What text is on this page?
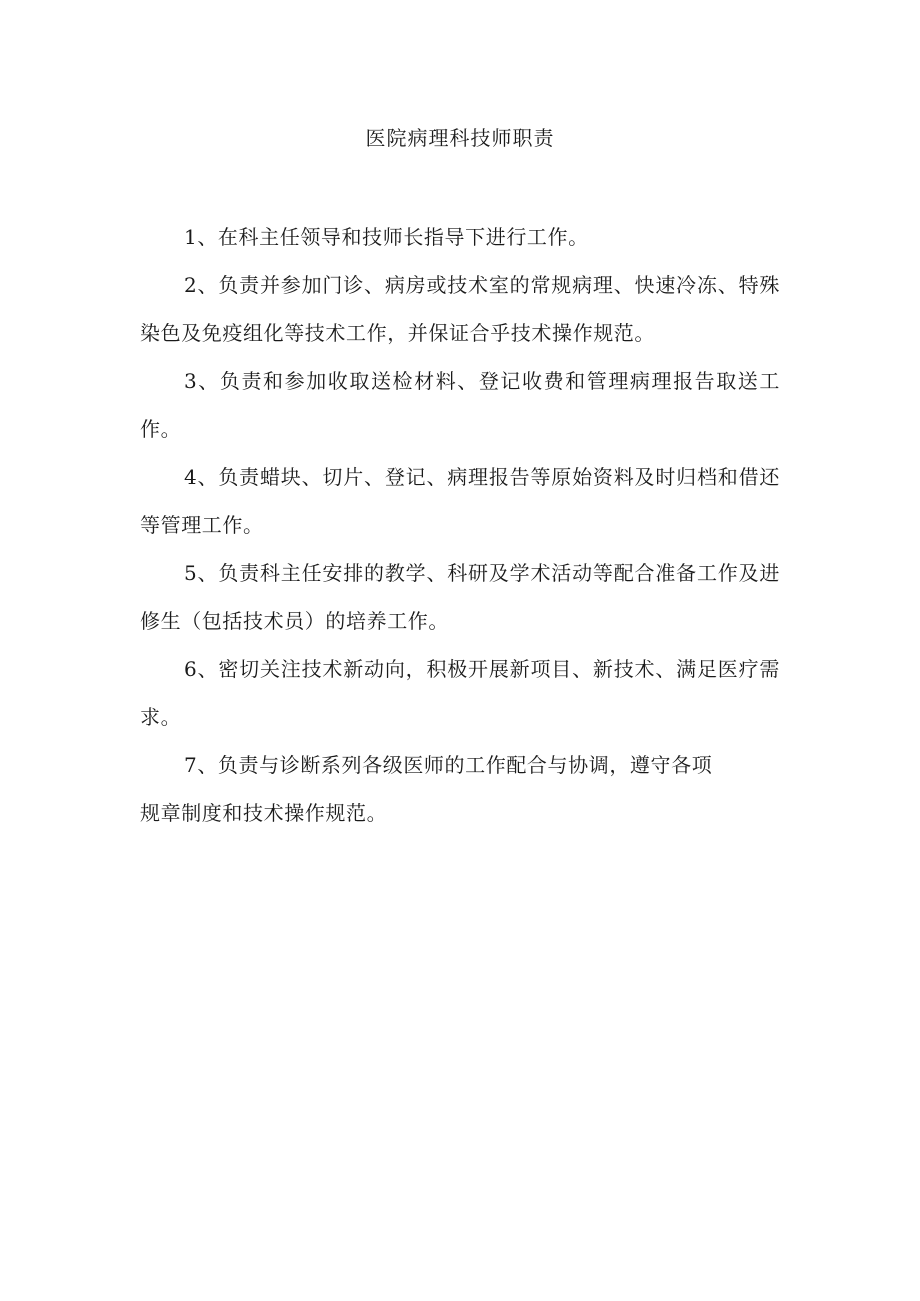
医院病理科技师职责

1、在科主任领导和技师长指导下进行工作。

2、负责并参加门诊、病房或技术室的常规病理、快速冷冻、特殊染色及免疫组化等技术工作，并保证合乎技术操作规范。

3、负责和参加收取送检材料、登记收费和管理病理报告取送工作。

4、负责蜡块、切片、登记、病理报告等原始资料及时归档和借还等管理工作。

5、负责科主任安排的教学、科研及学术活动等配合准备工作及进修生（包括技术员）的培养工作。

6、密切关注技术新动向，积极开展新项目、新技术、满足医疗需求。

7、负责与诊断系列各级医师的工作配合与协调，遵守各项
规章制度和技术操作规范。
